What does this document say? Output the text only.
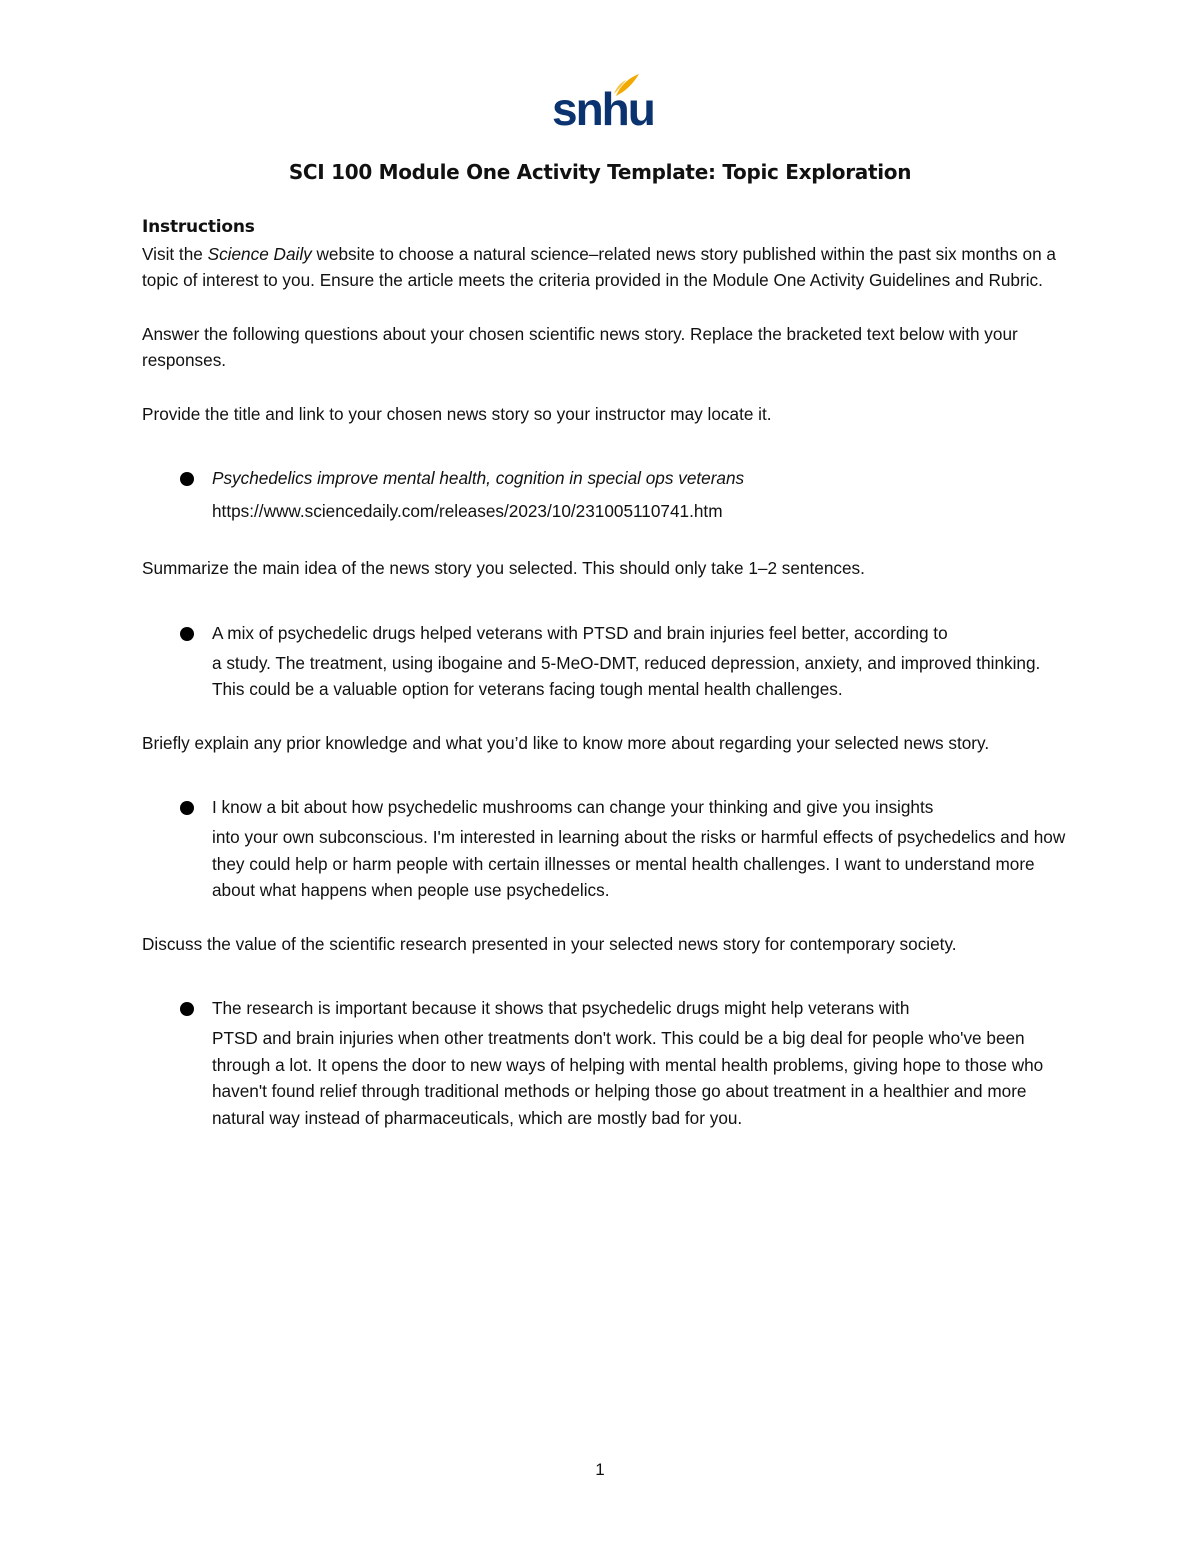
snhu
SCI 100 Module One Activity Template: Topic Exploration

Instructions

Visit the Science Daily website to choose a natural science–related news story published within the past six months on a topic of interest to you. Ensure the article meets the criteria provided in the Module One Activity Guidelines and Rubric.

Answer the following questions about your chosen scientific news story. Replace the bracketed text below with your responses.

Provide the title and link to your chosen news story so your instructor may locate it.

Psychedelics improve mental health, cognition in special ops veterans
https://www.sciencedaily.com/releases/2023/10/231005110741.htm

Summarize the main idea of the news story you selected. This should only take 1–2 sentences.

A mix of psychedelic drugs helped veterans with PTSD and brain injuries feel better, according to
a study. The treatment, using ibogaine and 5-MeO-DMT, reduced depression, anxiety, and improved thinking. This could be a valuable option for veterans facing tough mental health challenges.

Briefly explain any prior knowledge and what you’d like to know more about regarding your selected news story.

I know a bit about how psychedelic mushrooms can change your thinking and give you insights
into your own subconscious. I'm interested in learning about the risks or harmful effects of psychedelics and how they could help or harm people with certain illnesses or mental health challenges. I want to understand more about what happens when people use psychedelics.

Discuss the value of the scientific research presented in your selected news story for contemporary society.

The research is important because it shows that psychedelic drugs might help veterans with
PTSD and brain injuries when other treatments don't work. This could be a big deal for people who've been through a lot. It opens the door to new ways of helping with mental health problems, giving hope to those who haven't found relief through traditional methods or helping those go about treatment in a healthier and more natural way instead of pharmaceuticals, which are mostly bad for you.
1
